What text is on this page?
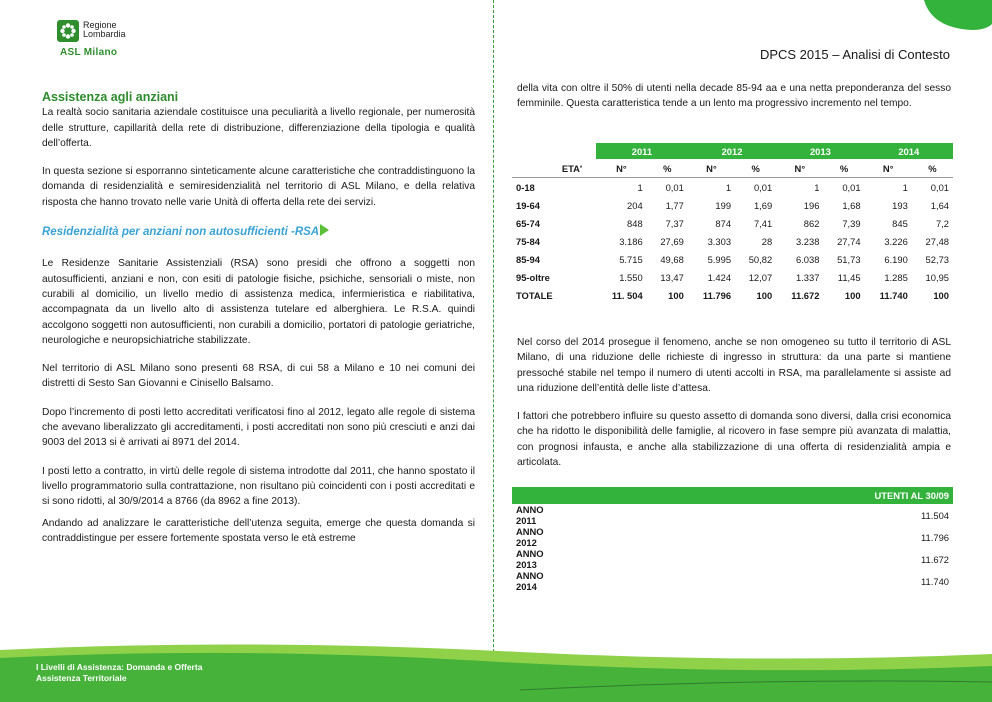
Regione Lombardia
ASL Milano	DPCS 2015 – Analisi di Contesto

Assistenza agli anziani

La realtà socio sanitaria aziendale costituisce una peculiarità a livello regionale, per numerosità delle strutture, capillarità della rete di distribuzione, differenziazione della tipologia e qualità dell’offerta.

In questa sezione si esporranno sinteticamente alcune caratteristiche che contraddistinguono la domanda di residenzialità e semiresidenzialità nel territorio di ASL Milano, e della relativa risposta che hanno trovato nelle varie Unità di offerta della rete dei servizi.

Residenzialità per anziani non autosufficienti -RSA

Le Residenze Sanitarie Assistenziali (RSA) sono presidi che offrono a soggetti non autosufficienti, anziani e non, con esiti di patologie fisiche, psichiche, sensoriali o miste, non curabili al domicilio, un livello medio di assistenza medica, infermieristica e riabilitativa, accompagnata da un livello alto di assistenza tutelare ed alberghiera. Le R.S.A. quindi accolgono soggetti non autosufficienti, non curabili a domicilio, portatori di patologie geriatriche, neurologiche e neuropsichiatriche stabilizzate.

Nel territorio di ASL Milano sono presenti 68 RSA, di cui 58 a Milano e 10 nei comuni dei distretti di Sesto San Giovanni e Cinisello Balsamo.

Dopo l’incremento di posti letto accreditati verificatosi fino al 2012, legato alle regole di sistema che avevano liberalizzato gli accreditamenti, i posti accreditati non sono più cresciuti e anzi dai 9003 del 2013 si è arrivati ai 8971 del 2014.

I posti letto a contratto, in virtù delle regole di sistema introdotte dal 2011, che hanno spostato il livello programmatorio sulla contrattazione, non risultano più coincidenti con i posti accreditati e si sono ridotti, al 30/9/2014 a 8766 (da 8962 a fine 2013).

Andando ad analizzare le caratteristiche dell’utenza seguita, emerge che questa domanda si contraddistingue per essere fortemente spostata verso le età estreme

della vita con oltre il 50% di utenti nella decade 85-94 aa e una netta preponderanza del sesso femminile. Questa caratteristica tende a un lento ma progressivo incremento nel tempo.

	2011		2012		2013		2014	
ETA'	N°	%	N°	%	N°	%	N°	%
0-18	1	0,01	1	0,01	1	0,01	1	0,01
19-64	204	1,77	199	1,69	196	1,68	193	1,64
65-74	848	7,37	874	7,41	862	7,39	845	7,2
75-84	3.186	27,69	3.303	28	3.238	27,74	3.226	27,48
85-94	5.715	49,68	5.995	50,82	6.038	51,73	6.190	52,73
95-oltre	1.550	13,47	1.424	12,07	1.337	11,45	1.285	10,95
TOTALE	11. 504	100	11.796	100	11.672	100	11.740	100

Nel corso del 2014 prosegue il fenomeno, anche se non omogeneo su tutto il territorio di ASL Milano, di una riduzione delle richieste di ingresso in struttura: da una parte si mantiene pressoché stabile nel tempo il numero di utenti accolti in RSA, ma parallelamente si assiste ad una riduzione dell’entità delle liste d’attesa.

I fattori che potrebbero influire su questo assetto di domanda sono diversi, dalla crisi economica che ha ridotto le disponibilità delle famiglie, al ricovero in fase sempre più avanzata di malattia, con prognosi infausta, e anche alla stabilizzazione di una offerta di residenzialità ampia e articolata.

UTENTI AL 30/09	
ANNO 2011	11.504
ANNO 2012	11.796
ANNO 2013	11.672
ANNO 2014	11.740
I Livelli di Assistenza: Domanda e Offerta
Assistenza Territoriale
